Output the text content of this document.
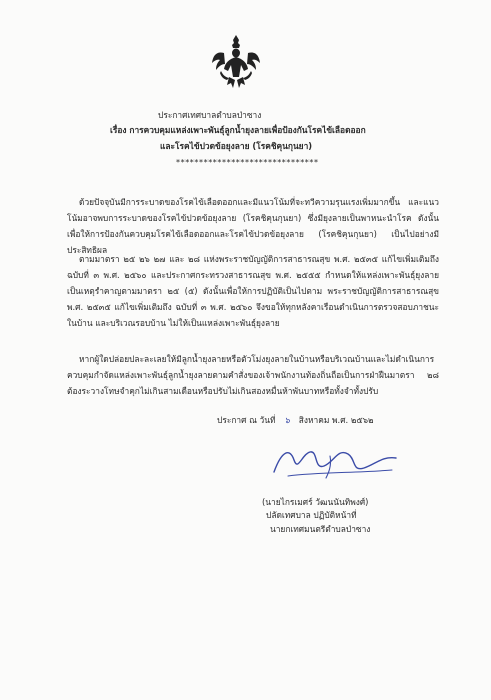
ประกาศเทศบาลตำบลป่าซาง
เรื่อง การควบคุมแหล่งเพาะพันธุ์ลูกน้ำยุงลายเพื่อป้องกันโรคไข้เลือดออก
และโรคไข้ปวดข้อยุงลาย (โรคชิคุนกุนยา)
*******************************
ด้วยปัจจุบันมีการระบาดของโรคไข้เลือดออกและมีแนวโน้มที่จะทวีความรุนแรงเพิ่มมากขึ้น และแนวโน้มอาจพบการระบาดของโรคไข้ปวดข้อยุงลาย (โรคชิคุนกุนยา) ซึ่งมียุงลายเป็นพาหนะนำโรค ดังนั้นเพื่อให้การป้องกันควบคุมโรคไข้เลือดออกและโรคไข้ปวดข้อยุงลาย (โรคชิคุนกุนยา) เป็นไปอย่างมีประสิทธิผล
ตามมาตรา ๒๕ ๒๖ ๒๗ และ ๒๘ แห่งพระราชบัญญัติการสาธารณสุข พ.ศ. ๒๕๓๕ แก้ไขเพิ่มเติมถึง ฉบับที่ ๓ พ.ศ. ๒๕๖๐ และประกาศกระทรวงสาธารณสุข พ.ศ. ๒๕๕๕ กำหนดให้แหล่งเพาะพันธุ์ยุงลายเป็นเหตุรำคาญตามมาตรา ๒๕ (๕) ดังนั้นเพื่อให้การปฏิบัติเป็นไปตาม พระราชบัญญัติการสาธารณสุข พ.ศ. ๒๕๓๕ แก้ไขเพิ่มเติมถึง ฉบับที่ ๓ พ.ศ. ๒๕๖๐ จึงขอให้ทุกหลังคาเรือนดำเนินการตรวจสอบภาชนะในบ้าน และบริเวณรอบบ้าน ไม่ให้เป็นแหล่งเพาะพันธุ์ยุงลาย
หากผู้ใดปล่อยปละละเลยให้มีลูกน้ำยุงลายหรือตัวโม่งยุงลายในบ้านหรือบริเวณบ้านและไม่ดำเนินการควบคุมกำจัดแหล่งเพาะพันธุ์ลูกน้ำยุงลายตามคำสั่งของเจ้าพนักงานท้องถิ่นถือเป็นการฝ่าฝืนมาตรา ๒๘ ต้องระวางโทษจำคุกไม่เกินสามเดือนหรือปรับไม่เกินสองหมื่นห้าพันบาทหรือทั้งจำทั้งปรับ
ประกาศ ณ วันที่ ๖ สิงหาคม พ.ศ. ๒๕๖๒
(นายไกรเมศร์ วัฒนนันทิพงศ์)
ปลัดเทศบาล ปฏิบัติหน้าที่
นายกเทศมนตรีตำบลป่าซาง
